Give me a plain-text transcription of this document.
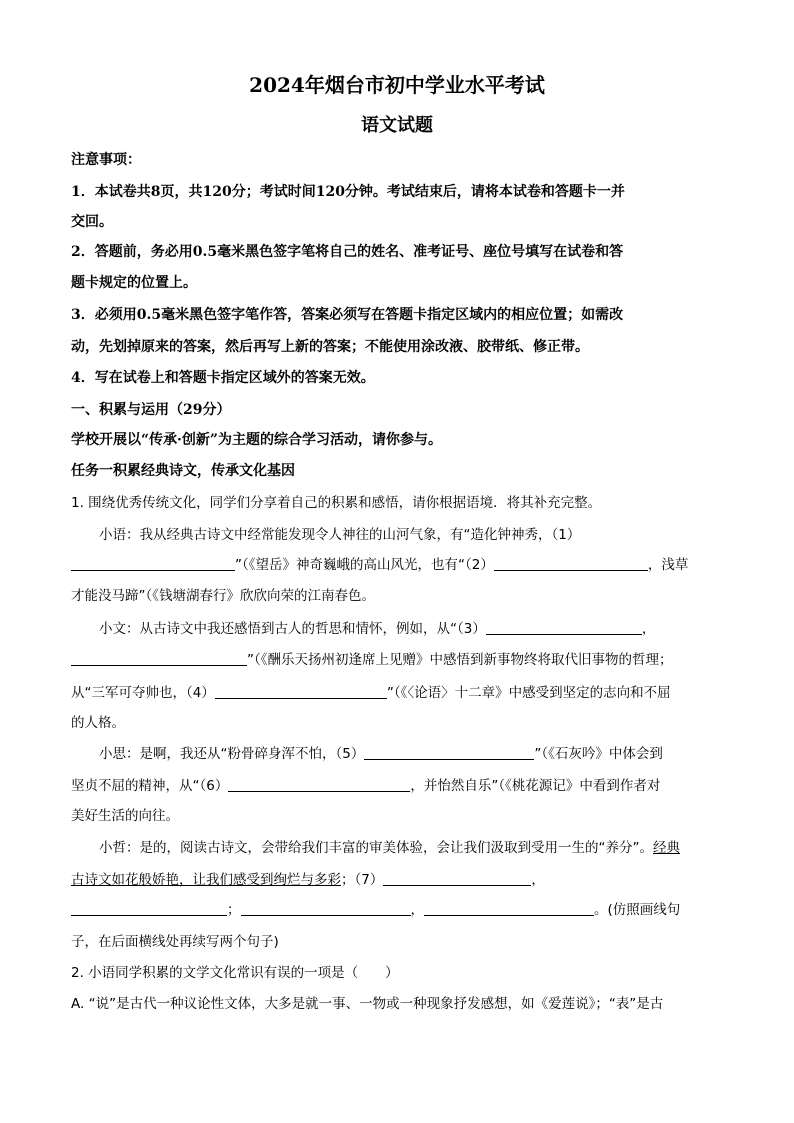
2024年烟台市初中学业水平考试
语文试题
注意事项：
1．本试卷共8页，共120分；考试时间120分钟。考试结束后，请将本试卷和答题卡一并
交回。
2．答题前，务必用0.5毫米黑色签字笔将自己的姓名、准考证号、座位号填写在试卷和答
题卡规定的位置上。
3．必须用0.5毫米黑色签字笔作答，答案必须写在答题卡指定区域内的相应位置；如需改
动，先划掉原来的答案，然后再写上新的答案；不能使用涂改液、胶带纸、修正带。
4．写在试卷上和答题卡指定区域外的答案无效。
一、积累与运用（29分）
学校开展以“传承·创新”为主题的综合学习活动，请你参与。
任务一积累经典诗文，传承文化基因
1. 围绕优秀传统文化，同学们分享着自己的积累和感悟，请你根据语境．将其补充完整。
小语：我从经典古诗文中经常能发现令人神往的山河气象，有“造化钟神秀，（1）
”（《望岳》神奇巍峨的高山风光，也有“（2）	，浅草
才能没马蹄”（《钱塘湖春行》欣欣向荣的江南春色。
小文：从古诗文中我还感悟到古人的哲思和情怀，例如，从“（3）	，
”（《酬乐天扬州初逢席上见赠》中感悟到新事物终将取代旧事物的哲理；
从“三军可夺帅也，（4）	”（《〈论语〉十二章》中感受到坚定的志向和不屈
的人格。
小思：是啊，我还从“粉骨碎身浑不怕，（5）	”（《石灰吟》中体会到
坚贞不屈的精神，从“（6）	，并怡然自乐”（《桃花源记》中看到作者对
美好生活的向往。
小哲：是的，阅读古诗文，会带给我们丰富的审美体验，会让我们汲取到受用一生的“养分”。经典
古诗文如花般娇艳，让我们感受到绚烂与多彩；（7）	，
；	，	。(仿照画线句
子，在后面横线处再续写两个句子)
2. 小语同学积累的文学文化常识有误的一项是（　　）
A. “说”是古代一种议论性文体，大多是就一事、一物或一种现象抒发感想，如《爱莲说》；“表”是古
